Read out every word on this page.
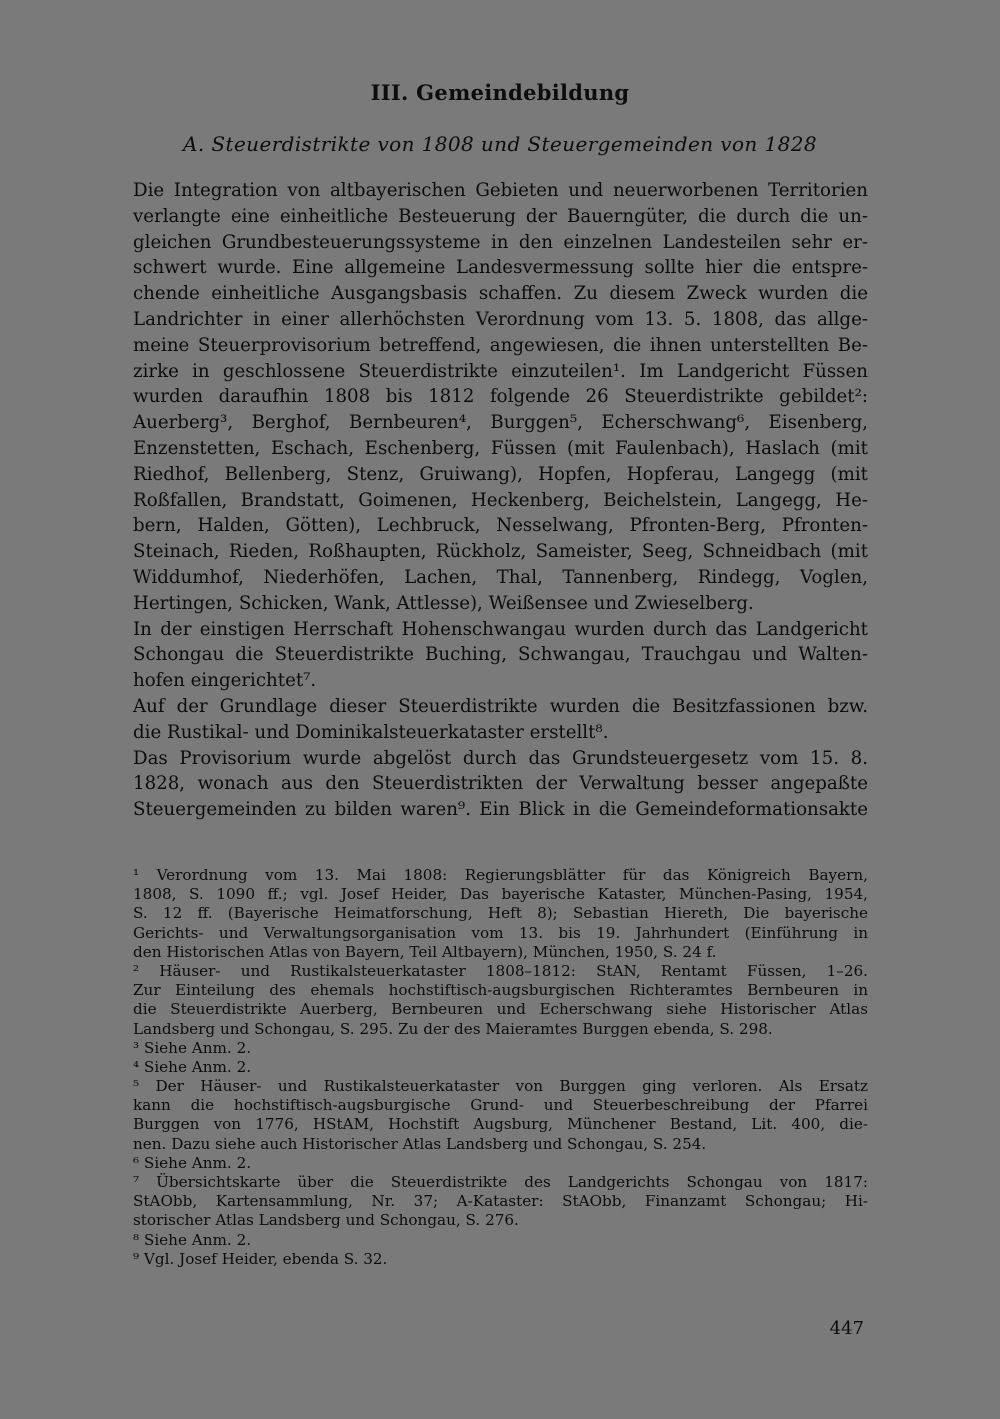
III. Gemeindebildung
A. Steuerdistrikte von 1808 und Steuergemeinden von 1828
Die Integration von altbayerischen Gebieten und neuerworbenen Territorien
verlangte eine einheitliche Besteuerung der Bauerngüter, die durch die un-
gleichen Grundbesteuerungssysteme in den einzelnen Landesteilen sehr er-
schwert wurde. Eine allgemeine Landesvermessung sollte hier die entspre-
chende einheitliche Ausgangsbasis schaffen. Zu diesem Zweck wurden die
Landrichter in einer allerhöchsten Verordnung vom 13. 5. 1808, das allge-
meine Steuerprovisorium betreffend, angewiesen, die ihnen unterstellten Be-
zirke in geschlossene Steuerdistrikte einzuteilen¹. Im Landgericht Füssen
wurden daraufhin 1808 bis 1812 folgende 26 Steuerdistrikte gebildet²:
Auerberg³, Berghof, Bernbeuren⁴, Burggen⁵, Echerschwang⁶, Eisenberg,
Enzenstetten, Eschach, Eschenberg, Füssen (mit Faulenbach), Haslach (mit
Riedhof, Bellenberg, Stenz, Gruiwang), Hopfen, Hopferau, Langegg (mit
Roßfallen, Brandstatt, Goimenen, Heckenberg, Beichelstein, Langegg, He-
bern, Halden, Götten), Lechbruck, Nesselwang, Pfronten-Berg, Pfronten-
Steinach, Rieden, Roßhaupten, Rückholz, Sameister, Seeg, Schneidbach (mit
Widdumhof, Niederhöfen, Lachen, Thal, Tannenberg, Rindegg, Voglen,
Hertingen, Schicken, Wank, Attlesse), Weißensee und Zwieselberg.
In der einstigen Herrschaft Hohenschwangau wurden durch das Landgericht
Schongau die Steuerdistrikte Buching, Schwangau, Trauchgau und Walten-
hofen eingerichtet⁷.
Auf der Grundlage dieser Steuerdistrikte wurden die Besitzfassionen bzw.
die Rustikal- und Dominikalsteuerkataster erstellt⁸.
Das Provisorium wurde abgelöst durch das Grundsteuergesetz vom 15. 8.
1828, wonach aus den Steuerdistrikten der Verwaltung besser angepaßte
Steuergemeinden zu bilden waren⁹. Ein Blick in die Gemeindeformationsakte
¹ Verordnung vom 13. Mai 1808: Regierungsblätter für das Königreich Bayern,
1808, S. 1090 ff.; vgl. Josef Heider, Das bayerische Kataster, München-Pasing, 1954,
S. 12 ff. (Bayerische Heimatforschung, Heft 8); Sebastian Hiereth, Die bayerische
Gerichts- und Verwaltungsorganisation vom 13. bis 19. Jahrhundert (Einführung in
den Historischen Atlas von Bayern, Teil Altbayern), München, 1950, S. 24 f.
² Häuser- und Rustikalsteuerkataster 1808–1812: StAN, Rentamt Füssen, 1–26.
Zur Einteilung des ehemals hochstiftisch-augsburgischen Richteramtes Bernbeuren in
die Steuerdistrikte Auerberg, Bernbeuren und Echerschwang siehe Historischer Atlas
Landsberg und Schongau, S. 295. Zu der des Maieramtes Burggen ebenda, S. 298.
³ Siehe Anm. 2.
⁴ Siehe Anm. 2.
⁵ Der Häuser- und Rustikalsteuerkataster von Burggen ging verloren. Als Ersatz
kann die hochstiftisch-augsburgische Grund- und Steuerbeschreibung der Pfarrei
Burggen von 1776, HStAM, Hochstift Augsburg, Münchener Bestand, Lit. 400, die-
nen. Dazu siehe auch Historischer Atlas Landsberg und Schongau, S. 254.
⁶ Siehe Anm. 2.
⁷ Übersichtskarte über die Steuerdistrikte des Landgerichts Schongau von 1817:
StAObb, Kartensammlung, Nr. 37; A-Kataster: StAObb, Finanzamt Schongau; Hi-
storischer Atlas Landsberg und Schongau, S. 276.
⁸ Siehe Anm. 2.
⁹ Vgl. Josef Heider, ebenda S. 32.
447
